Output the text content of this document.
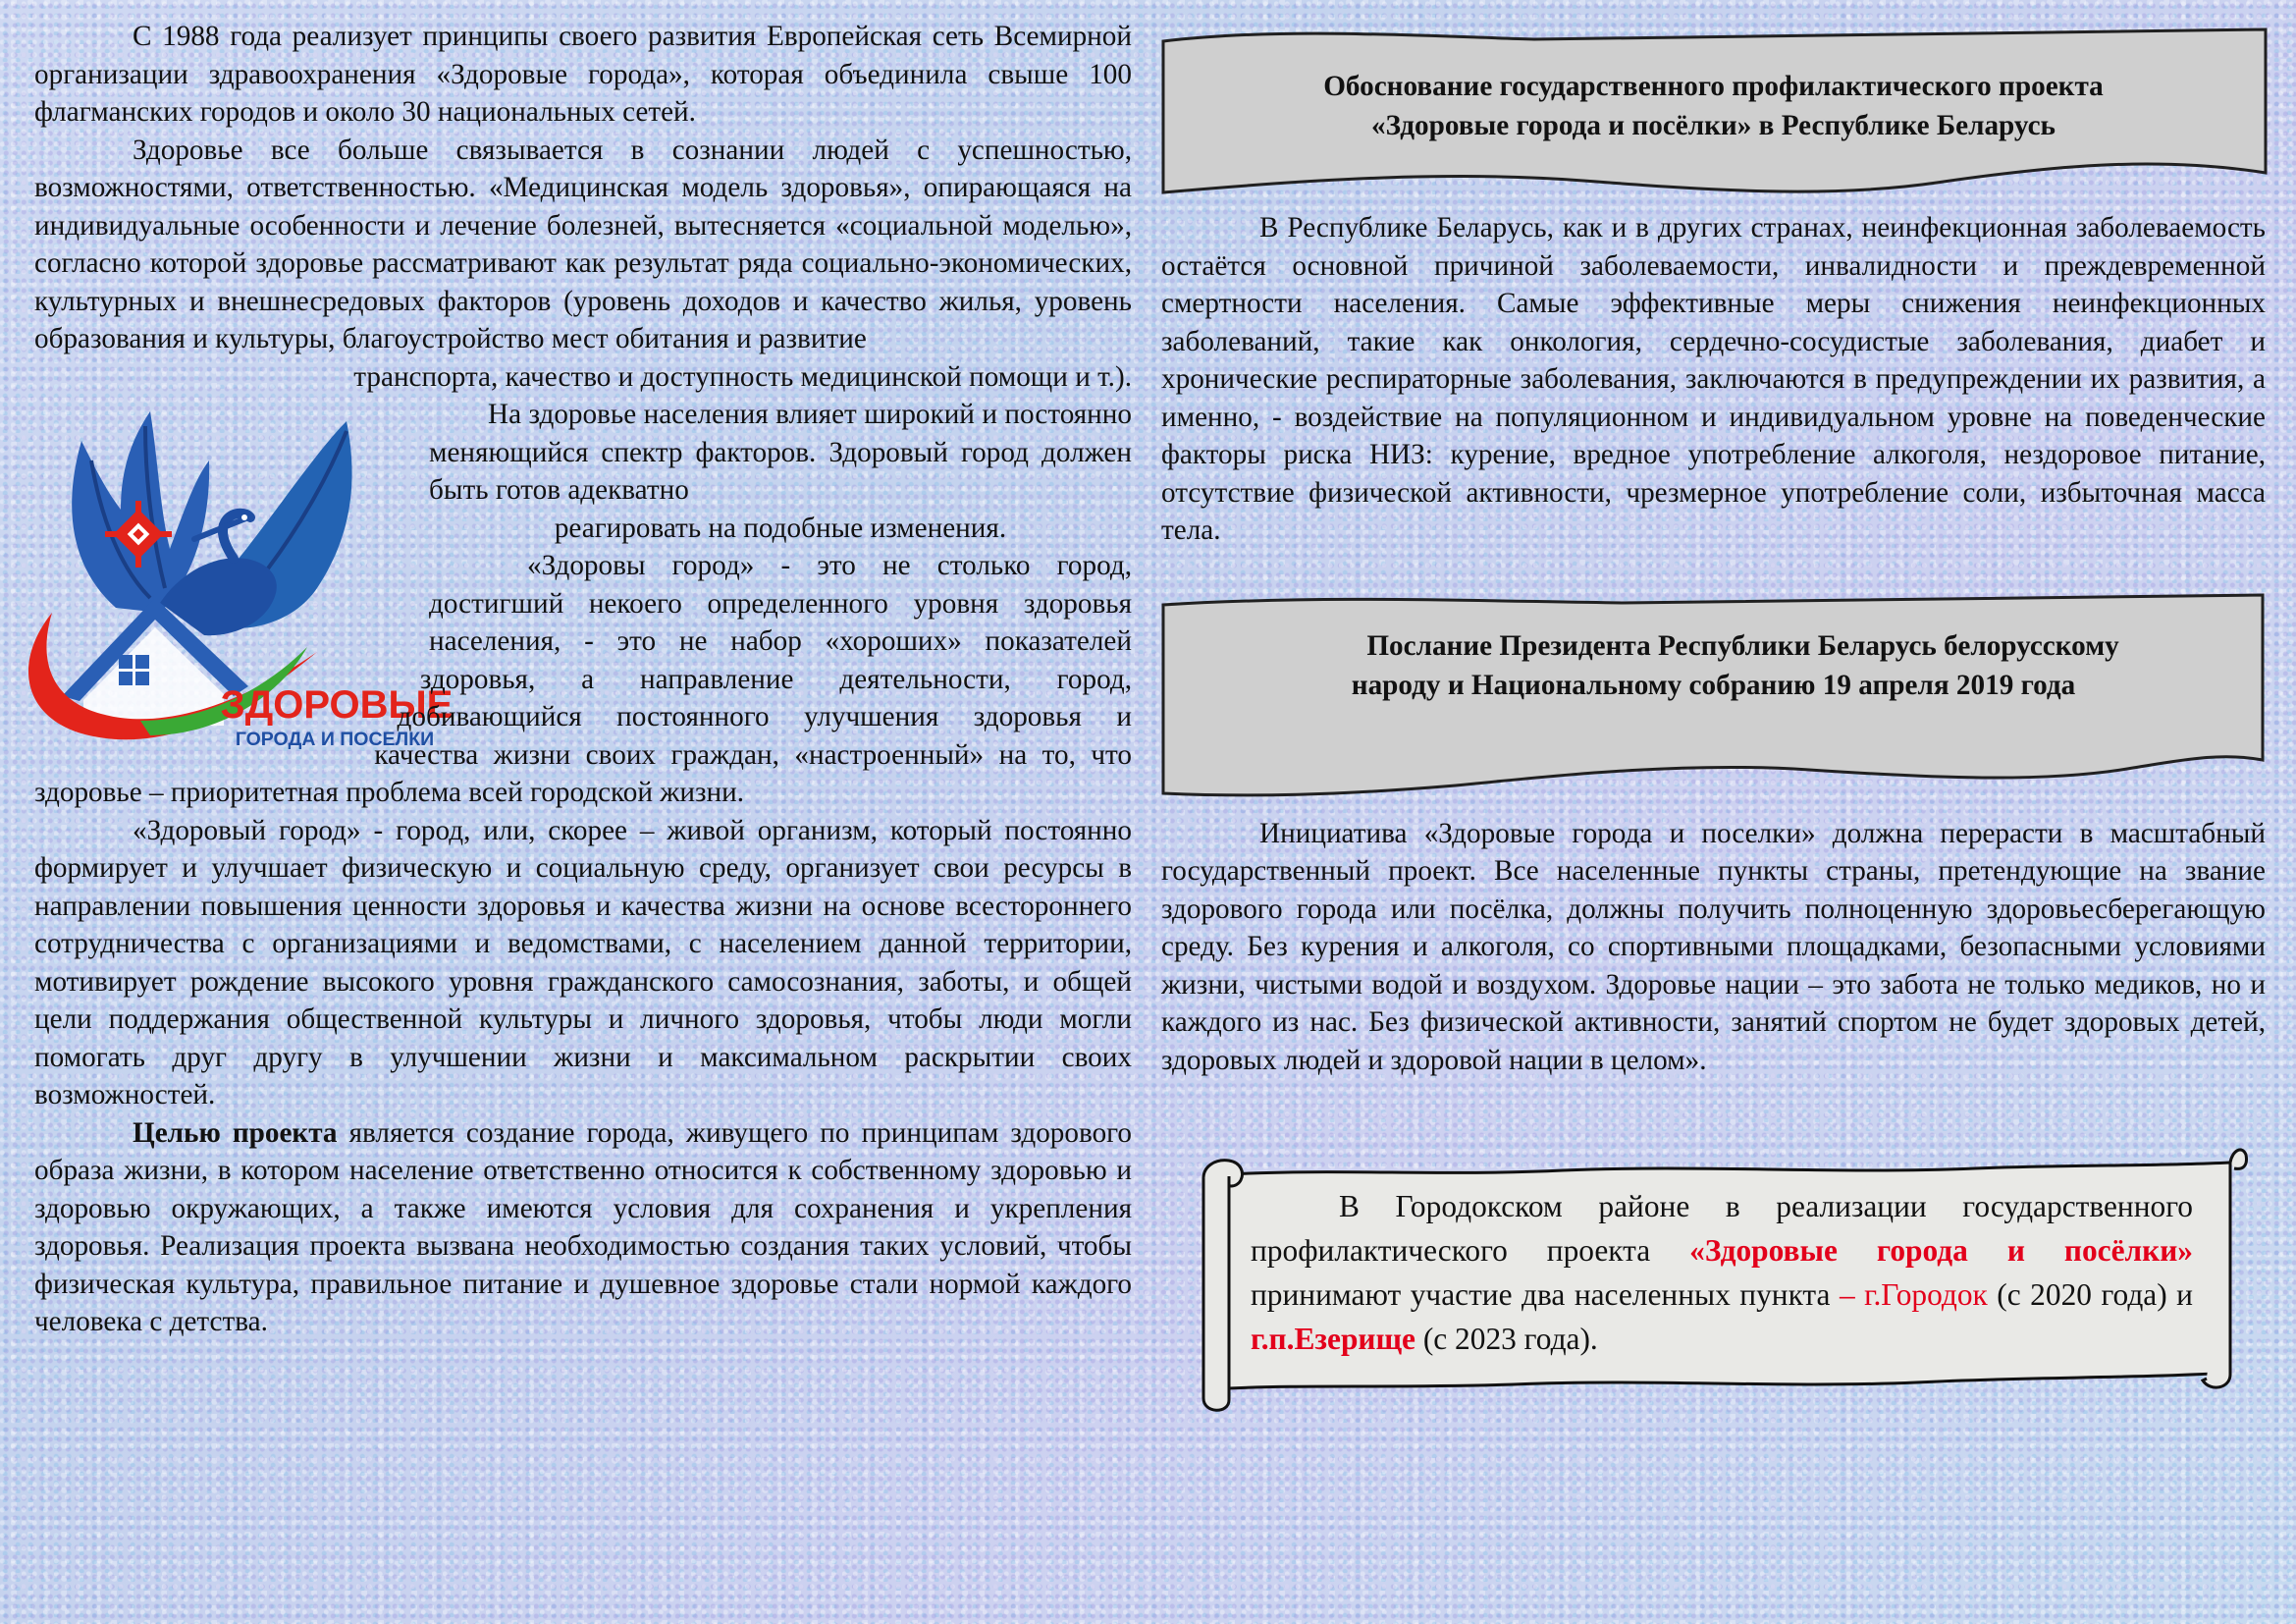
С 1988 года реализует принципы своего развития Европейская сеть Всемирной организации здравоохранения «Здоровые города», которая объединила свыше 100 флагманских городов и около 30 национальных сетей.

Здоровье все больше связывается в сознании людей с успешностью, возможностями, ответственностью. «Медицинская модель здоровья», опирающаяся на индивидуальные особенности и лечение болезней, вытесняется «социальной моделью», согласно которой здоровье рассматривают как результат ряда социально-экономических, культурных и внешнесредовых факторов (уровень доходов и качество жилья, уровень образования и культуры, благоустройство мест обитания и развитие

транспорта, качество и доступность медицинской помощи и т.).

ЗДОРОВЫЕ
ГОРОДА И ПОСЕЛКИ

На здоровье населения влияет широкий и постоянно меняющийся спектр факторов. Здоровый город должен быть готов адекватно

реагировать на подобные изменения.

«Здоровы город» - это не столько город, достигший некоего определенного уровня здоровья населения, - это не набор «хороших» показателей здоровья, а направление деятельности, город, добивающийся постоянного улучшения здоровья и качества жизни своих граждан, «настроенный» на то, что здоровье – приоритетная проблема всей городской жизни.

«Здоровый город» - город, или, скорее – живой организм, который постоянно формирует и улучшает физическую и социальную среду, организует свои ресурсы в направлении повышения ценности здоровья и качества жизни на основе всестороннего сотрудничества с организациями и ведомствами, с населением данной территории, мотивирует рождение высокого уровня гражданского самосознания, заботы, и общей цели поддержания общественной культуры и личного здоровья, чтобы люди могли помогать друг другу в улучшении жизни и максимальном раскрытии своих возможностей.

Целью проекта является создание города, живущего по принципам здорового образа жизни, в котором население ответственно относится к собственному здоровью и здоровью окружающих, а также имеются условия для сохранения и укрепления здоровья. Реализация проекта вызвана необходимостью создания таких условий, чтобы физическая культура, правильное питание и душевное здоровье стали нормой каждого человека с детства.

Обоснование государственного профилактического проекта
«Здоровые города и посёлки» в Республике Беларусь

В Республике Беларусь, как и в других странах, неинфекционная заболеваемость остаётся основной причиной заболеваемости, инвалидности и преждевременной смертности населения. Самые эффективные меры снижения неинфекционных заболеваний, такие как онкология, сердечно-сосудистые заболевания, диабет и хронические респираторные заболевания, заключаются в предупреждении их развития, а именно, - воздействие на популяционном и индивидуальном уровне на поведенческие факторы риска НИЗ: курение, вредное употребление алкоголя, нездоровое питание, отсутствие физической активности, чрезмерное употребление соли, избыточная масса тела.

Послание Президента Республики Беларусь белорусскому
народу и Национальному собранию 19 апреля 2019 года

Инициатива «Здоровые города и поселки» должна перерасти в масштабный государственный проект. Все населенные пункты страны, претендующие на звание здорового города или посёлка, должны получить полноценную здоровьесберегающую среду. Без курения и алкоголя, со спортивными площадками, безопасными условиями жизни, чистыми водой и воздухом. Здоровье нации – это забота не только медиков, но и каждого из нас. Без физической активности, занятий спортом не будет здоровых детей, здоровых людей и здоровой нации в целом».

В Городокском районе в реализации государственного профилактического проекта «Здоровые города и посёлки» принимают участие два населенных пункта – г.Городок (с 2020 года) и г.п.Езерище (с 2023 года).
